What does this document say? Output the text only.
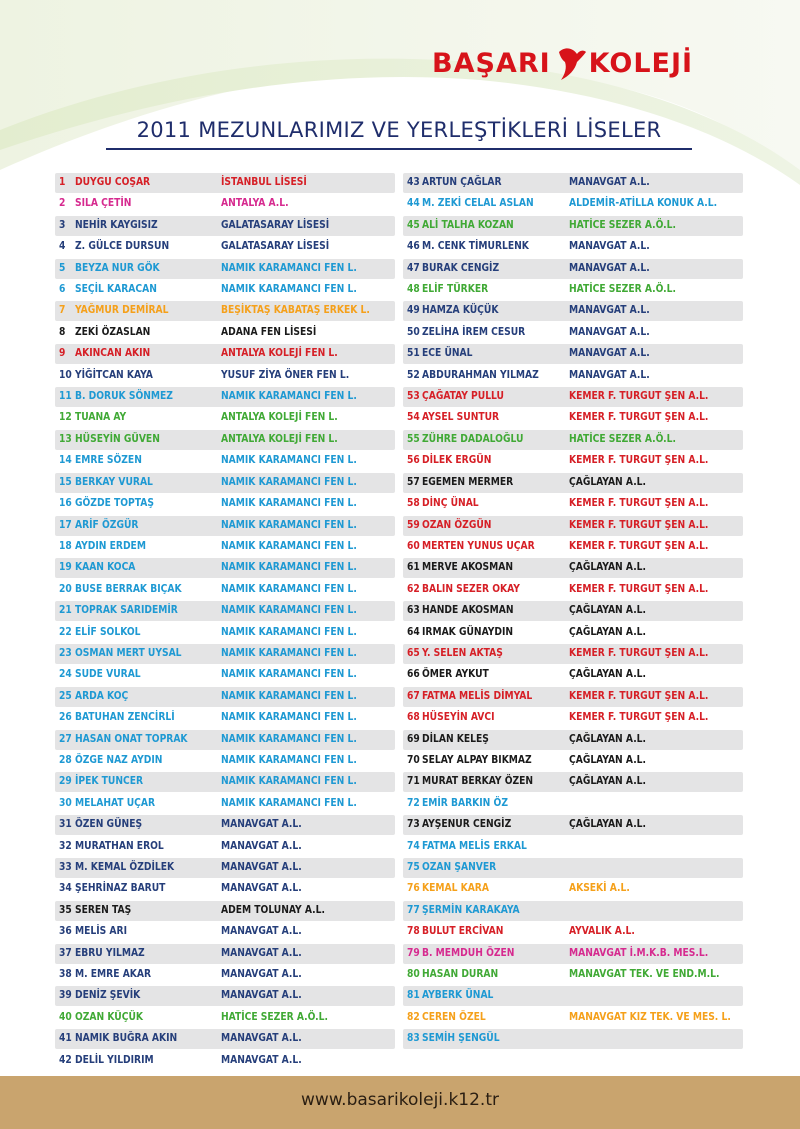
BAŞARI KOLEJİ
2011 MEZUNLARIMIZ VE YERLEŞTİKLERİ LİSELER
1 DUYGU COŞAR	İSTANBUL LİSESİ
2 SILA ÇETİN	ANTALYA A.L.
3 NEHİR KAYGISIZ	GALATASARAY LİSESİ
4 Z. GÜLCE DURSUN	GALATASARAY LİSESİ
5 BEYZA NUR GÖK	NAMIK KARAMANCI FEN L.
6 SEÇİL KARACAN	NAMIK KARAMANCI FEN L.
7 YAĞMUR DEMİRAL	BEŞİKTAŞ KABATAŞ ERKEK L.
8 ZEKİ ÖZASLAN	ADANA FEN LİSESİ
9 AKINCAN AKIN	ANTALYA KOLEJİ FEN L.
10 YİĞİTCAN KAYA	YUSUF ZİYA ÖNER FEN L.
11 B. DORUK SÖNMEZ	NAMIK KARAMANCI FEN L.
12 TUANA AY	ANTALYA KOLEJİ FEN L.
13 HÜSEYİN GÜVEN	ANTALYA KOLEJİ FEN L.
14 EMRE SÖZEN	NAMIK KARAMANCI FEN L.
15 BERKAY VURAL	NAMIK KARAMANCI FEN L.
16 GÖZDE TOPTAŞ	NAMIK KARAMANCI FEN L.
17 ARİF ÖZGÜR	NAMIK KARAMANCI FEN L.
18 AYDIN ERDEM	NAMIK KARAMANCI FEN L.
19 KAAN KOCA	NAMIK KARAMANCI FEN L.
20 BUSE BERRAK BIÇAK	NAMIK KARAMANCI FEN L.
21 TOPRAK SARIDEMİR	NAMIK KARAMANCI FEN L.
22 ELİF SOLKOL	NAMIK KARAMANCI FEN L.
23 OSMAN MERT UYSAL	NAMIK KARAMANCI FEN L.
24 SUDE VURAL	NAMIK KARAMANCI FEN L.
25 ARDA KOÇ	NAMIK KARAMANCI FEN L.
26 BATUHAN ZENCİRLİ	NAMIK KARAMANCI FEN L.
27 HASAN ONAT TOPRAK	NAMIK KARAMANCI FEN L.
28 ÖZGE NAZ AYDIN	NAMIK KARAMANCI FEN L.
29 İPEK TUNCER	NAMIK KARAMANCI FEN L.
30 MELAHAT UÇAR	NAMIK KARAMANCI FEN L.
31 ÖZEN GÜNEŞ	MANAVGAT A.L.
32 MURATHAN EROL	MANAVGAT A.L.
33 M. KEMAL ÖZDİLEK	MANAVGAT A.L.
34 ŞEHRİNAZ BARUT	MANAVGAT A.L.
35 SEREN TAŞ	ADEM TOLUNAY A.L.
36 MELİS ARI	MANAVGAT A.L.
37 EBRU YILMAZ	MANAVGAT A.L.
38 M. EMRE AKAR	MANAVGAT A.L.
39 DENİZ ŞEVİK	MANAVGAT A.L.
40 OZAN KÜÇÜK	HATİCE SEZER A.Ö.L.
41 NAMIK BUĞRA AKIN	MANAVGAT A.L.
42 DELİL YILDIRIM	MANAVGAT A.L.
43 ARTUN ÇAĞLAR	MANAVGAT A.L.
44 M. ZEKİ CELAL ASLAN	ALDEMİR-ATİLLA KONUK A.L.
45 ALİ TALHA KOZAN	HATİCE SEZER A.Ö.L.
46 M. CENK TİMURLENK	MANAVGAT A.L.
47 BURAK CENGİZ	MANAVGAT A.L.
48 ELİF TÜRKER	HATİCE SEZER A.Ö.L.
49 HAMZA KÜÇÜK	MANAVGAT A.L.
50 ZELİHA İREM CESUR	MANAVGAT A.L.
51 ECE ÜNAL	MANAVGAT A.L.
52 ABDURAHMAN YILMAZ	MANAVGAT A.L.
53 ÇAĞATAY PULLU	KEMER F. TURGUT ŞEN A.L.
54 AYSEL SUNTUR	KEMER F. TURGUT ŞEN A.L.
55 ZÜHRE DADALOĞLU	HATİCE SEZER A.Ö.L.
56 DİLEK ERGÜN	KEMER F. TURGUT ŞEN A.L.
57 EGEMEN MERMER	ÇAĞLAYAN A.L.
58 DİNÇ ÜNAL	KEMER F. TURGUT ŞEN A.L.
59 OZAN ÖZGÜN	KEMER F. TURGUT ŞEN A.L.
60 MERTEN YUNUS UÇAR	KEMER F. TURGUT ŞEN A.L.
61 MERVE AKOSMAN	ÇAĞLAYAN A.L.
62 BALIN SEZER OKAY	KEMER F. TURGUT ŞEN A.L.
63 HANDE AKOSMAN	ÇAĞLAYAN A.L.
64 IRMAK GÜNAYDIN	ÇAĞLAYAN A.L.
65 Y. SELEN AKTAŞ	KEMER F. TURGUT ŞEN A.L.
66 ÖMER AYKUT	ÇAĞLAYAN A.L.
67 FATMA MELİS DİMYAL	KEMER F. TURGUT ŞEN A.L.
68 HÜSEYİN AVCI	KEMER F. TURGUT ŞEN A.L.
69 DİLAN KELEŞ	ÇAĞLAYAN A.L.
70 SELAY ALPAY BIKMAZ	ÇAĞLAYAN A.L.
71 MURAT BERKAY ÖZEN	ÇAĞLAYAN A.L.
72 EMİR BARKIN ÖZ
73 AYŞENUR CENGİZ	ÇAĞLAYAN A.L.
74 FATMA MELİS ERKAL
75 OZAN ŞANVER
76 KEMAL KARA	AKSEKİ A.L.
77 ŞERMİN KARAKAYA
78 BULUT ERCİVAN	AYVALIK A.L.
79 B. MEMDUH ÖZEN	MANAVGAT İ.M.K.B. MES.L.
80 HASAN DURAN	MANAVGAT TEK. VE END.M.L.
81 AYBERK ÜNAL
82 CEREN ÖZEL	MANAVGAT KIZ TEK. VE MES. L.
83 SEMİH ŞENGÜL
www.basarikoleji.k12.tr
